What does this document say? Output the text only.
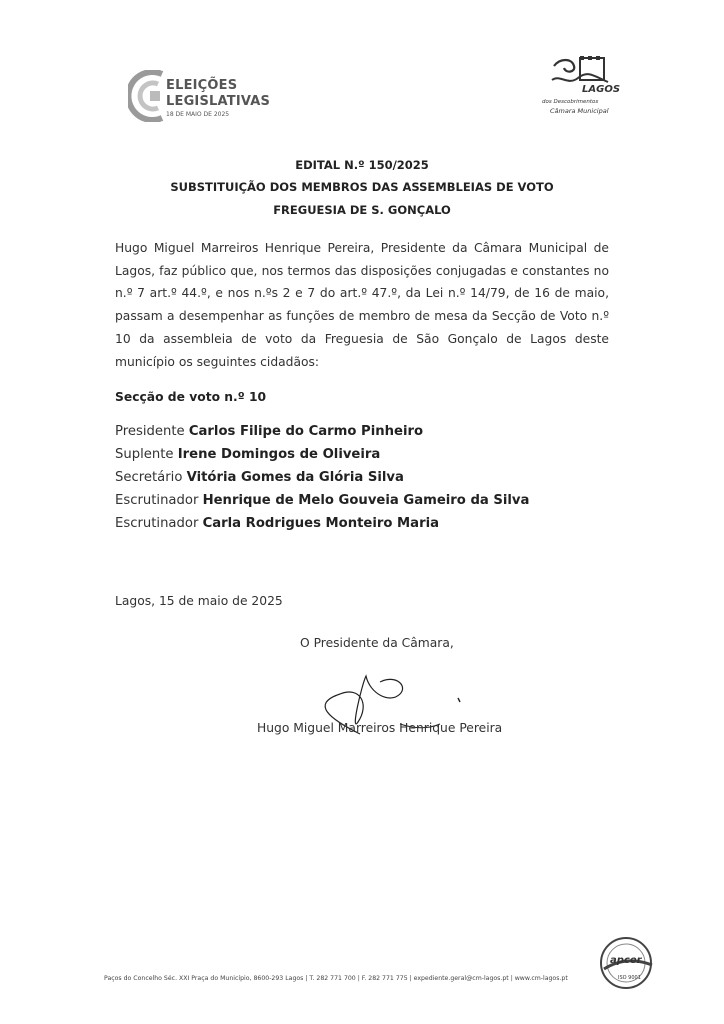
ELEIÇÕES
LEGISLATIVAS
18 DE MAIO DE 2025
LAGOS
dos Descobrimentos
Câmara Municipal
EDITAL N.º 150/2025
SUBSTITUIÇÃO DOS MEMBROS DAS ASSEMBLEIAS DE VOTO
FREGUESIA DE S. GONÇALO
Hugo Miguel Marreiros Henrique Pereira, Presidente da Câmara Municipal de Lagos, faz público que, nos termos das disposições conjugadas e constantes no n.º 7 art.º 44.º, e nos n.ºs 2 e 7 do art.º 47.º, da Lei n.º 14/79, de 16 de maio, passam a desempenhar as funções de membro de mesa da Secção de Voto n.º 10 da assembleia de voto da Freguesia de São Gonçalo de Lagos deste município os seguintes cidadãos:
Secção de voto n.º 10
Presidente Carlos Filipe do Carmo Pinheiro
Suplente Irene Domingos de Oliveira
Secretário Vitória Gomes da Glória Silva
Escrutinador Henrique de Melo Gouveia Gameiro da Silva
Escrutinador Carla Rodrigues Monteiro Maria
Lagos, 15 de maio de 2025
O Presidente da Câmara,
Hugo Miguel Marreiros Henrique Pereira
Paços do Concelho Séc. XXI Praça do Município, 8600-293 Lagos | T. 282 771 700 | F. 282 771 775 | expediente.geral@cm-lagos.pt | www.cm-lagos.pt
apcer
ISO 9001
